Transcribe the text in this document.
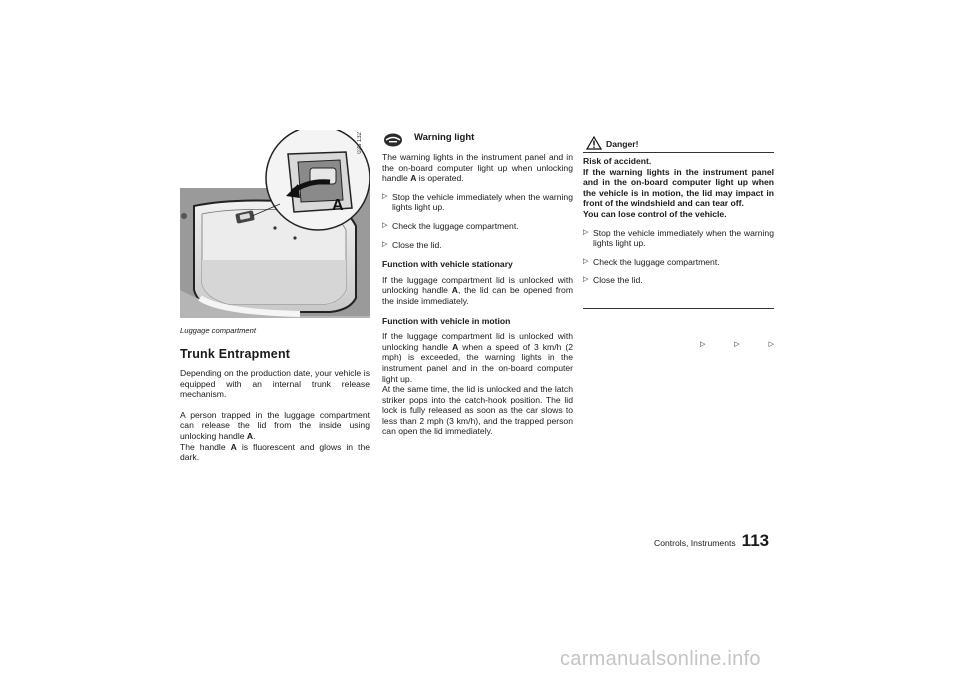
A
023 132
Luggage compartment
Trunk Entrapment

Depending on the production date, your vehicle is equipped with an internal trunk release mechanism.

A person trapped in the luggage compartment can release the lid from the inside using unlocking handle A.
The handle A is fluorescent and glows in the dark.

Warning light

The warning lights in the instrument panel and in the on-board computer light up when unlocking handle A is operated.

▷ Stop the vehicle immediately when the warning lights light up.

▷ Check the luggage compartment.

▷ Close the lid.

Function with vehicle stationary

If the luggage compartment lid is unlocked with unlocking handle A, the lid can be opened from the inside immediately.

Function with vehicle in motion

If the luggage compartment lid is unlocked with unlocking handle A when a speed of 3 km/h (2 mph) is exceeded, the warning lights in the instrument panel and in the on-board computer light up.
At the same time, the lid is unlocked and the latch striker pops into the catch-hook position. The lid lock is fully released as soon as the car slows to less than 2 mph (3 km/h), and the trapped person can open the lid immediately.

Danger!

Risk of accident.

If the warning lights in the instrument panel and in the on-board computer light up when the vehicle is in motion, the lid may impact in front of the windshield and can tear off.

You can lose control of the vehicle.

▷ Stop the vehicle immediately when the warning lights light up.

▷ Check the luggage compartment.

▷ Close the lid.

▷	▷	▷
Controls, Instruments 113
carmanualsonline.info
